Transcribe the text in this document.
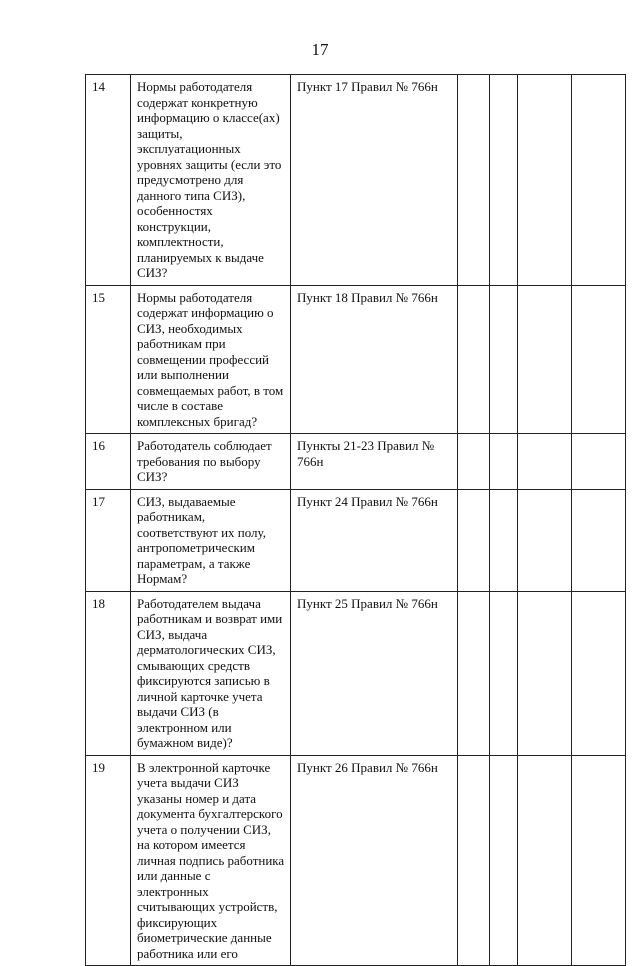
17
14	Нормы работодателя содержат конкретную информацию о классе(ах) защиты, эксплуатационных уровнях защиты (если это предусмотрено для данного типа СИЗ), особенностях конструкции, комплектности, планируемых к выдаче СИЗ?	Пункт 17 Правил № 766н				
15	Нормы работодателя содержат информацию о СИЗ, необходимых работникам при совмещении профессий или выполнении совмещаемых работ, в том числе в составе комплексных бригад?	Пункт 18 Правил № 766н				
16	Работодатель соблюдает требования по выбору СИЗ?	Пункты 21-23 Правил № 766н				
17	СИЗ, выдаваемые работникам, соответствуют их полу, антропометрическим параметрам, а также Нормам?	Пункт 24 Правил № 766н				
18	Работодателем выдача работникам и возврат ими СИЗ, выдача дерматологических СИЗ, смывающих средств фиксируются записью в личной карточке учета выдачи СИЗ (в электронном или бумажном виде)?	Пункт 25 Правил № 766н				
19	В электронной карточке учета выдачи СИЗ указаны номер и дата документа бухгалтерского учета о получении СИЗ, на котором имеется личная подпись работника или данные с электронных считывающих устройств, фиксирующих биометрические данные работника или его	Пункт 26 Правил № 766н				
